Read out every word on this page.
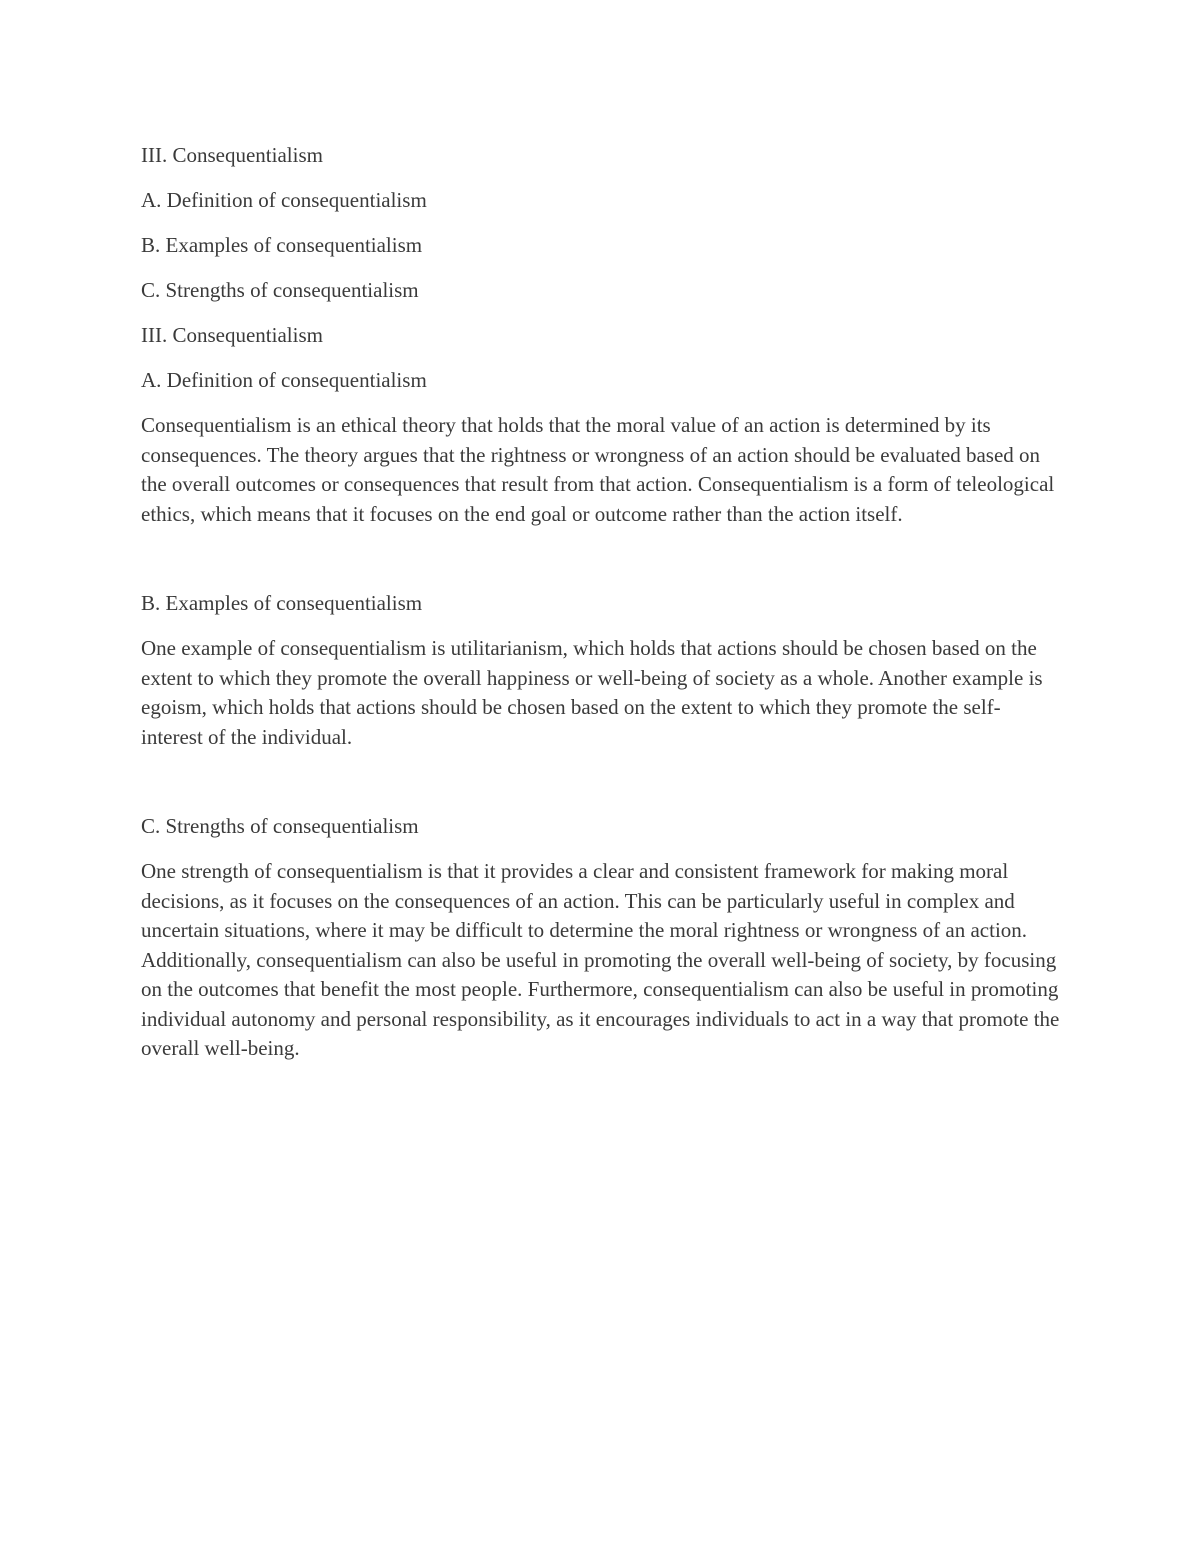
III. Consequentialism
A. Definition of consequentialism
B. Examples of consequentialism
C. Strengths of consequentialism
III. Consequentialism
A. Definition of consequentialism

Consequentialism is an ethical theory that holds that the moral value of an action is determined by its consequences. The theory argues that the rightness or wrongness of an action should be evaluated based on the overall outcomes or consequences that result from that action. Consequentialism is a form of teleological ethics, which means that it focuses on the end goal or outcome rather than the action itself.

B. Examples of consequentialism

One example of consequentialism is utilitarianism, which holds that actions should be chosen based on the extent to which they promote the overall happiness or well-being of society as a whole. Another example is egoism, which holds that actions should be chosen based on the extent to which they promote the self-interest of the individual.

C. Strengths of consequentialism

One strength of consequentialism is that it provides a clear and consistent framework for making moral decisions, as it focuses on the consequences of an action. This can be particularly useful in complex and uncertain situations, where it may be difficult to determine the moral rightness or wrongness of an action. Additionally, consequentialism can also be useful in promoting the overall well-being of society, by focusing on the outcomes that benefit the most people. Furthermore, consequentialism can also be useful in promoting individual autonomy and personal responsibility, as it encourages individuals to act in a way that promote the overall well-being.
